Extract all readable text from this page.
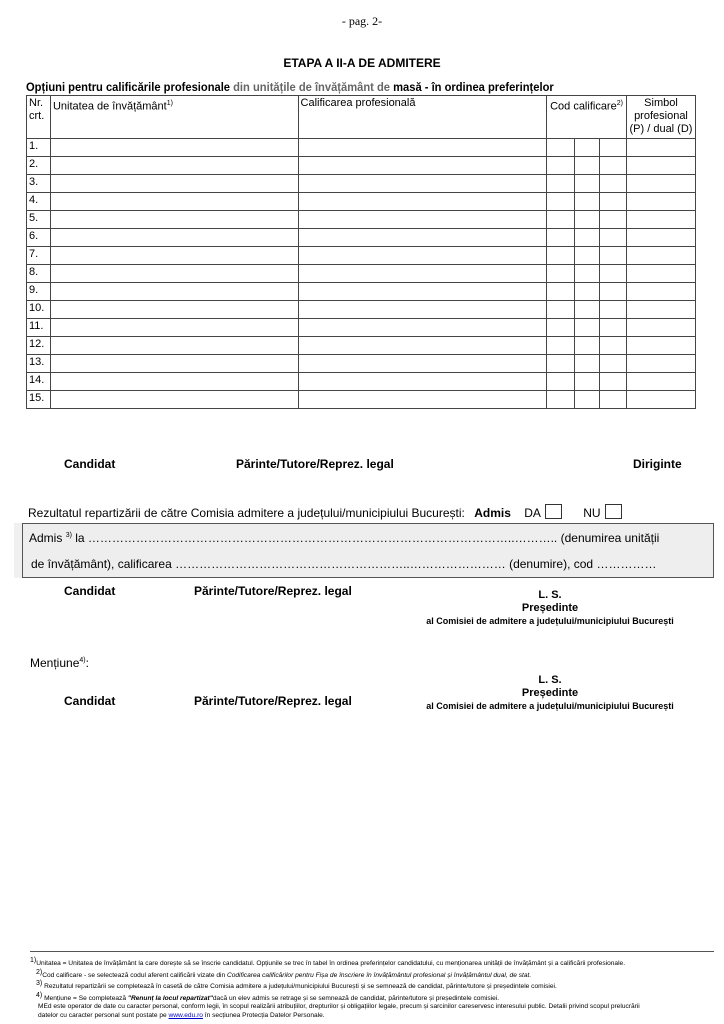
- pag. 2-
ETAPA A II-A DE ADMITERE
Opțiuni pentru calificările profesionale din unitățile de învățământ de masă - în ordinea preferințelor
Nr. crt.	Unitatea de învățământ$^{1)}$	Calificarea profesională	Cod calificare$^{2)}$			Simbol profesional (P) / dual (D)
1.						
2.						
3.						
4.						
5.						
6.						
7.						
8.						
9.						
10.						
11.						
12.						
13.						
14.						
15.						
Candidat	Părinte/Tutore/Reprez. legal	Diriginte
Rezultatul repartizării de către Comisia admitere a județului/municipiului București: Admis DA	NU
Admis $^{3)}$ la ……………………………………………………………………………………………..……….. (denumirea unității
de învățământ), calificarea …………………………………………………..…………………… (denumire), cod ……………
Candidat	Părinte/Tutore/Reprez. legal	L. S.
Președinte
al Comisiei de admitere a județului/municipiului București
Mențiune$^{4)}$:
Candidat	Părinte/Tutore/Reprez. legal
L. S.
Președinte
al Comisiei de admitere a județului/municipiului București
$^{1)}$Unitatea = Unitatea de învățământ la care dorește să se înscrie candidatul. Opțiunile se trec în tabel în ordinea preferințelor candidatului, cu menționarea unității de învățământ și a calificării profesionale.
$^{2)}$Cod calificare - se selectează codul aferent calificării vizate din Codificarea calificărilor pentru Fișa de înscriere în învățământul profesional și învățământul dual, de stat.
$^{3)}$ Rezultatul repartizării se completează în casetă de către Comisia admitere a județului/municipiului București și se semnează de candidat, părinte/tutore și președintele comisiei.
$^{4)}$ Mențiune = Se completează "Renunț la locul repartizat"dacă un elev admis se retrage și se semnează de candidat, părinte/tutore și președintele comisiei.
MEd este operator de date cu caracter personal, conform legii, în scopul realizării atribuțiilor, drepturilor și obligațiilor legale, precum și sarcinilor careservesc interesului public. Detalii privind scopul prelucrării
datelor cu caracter personal sunt postate pe www.edu.ro în secțiunea Protecția Datelor Personale.
